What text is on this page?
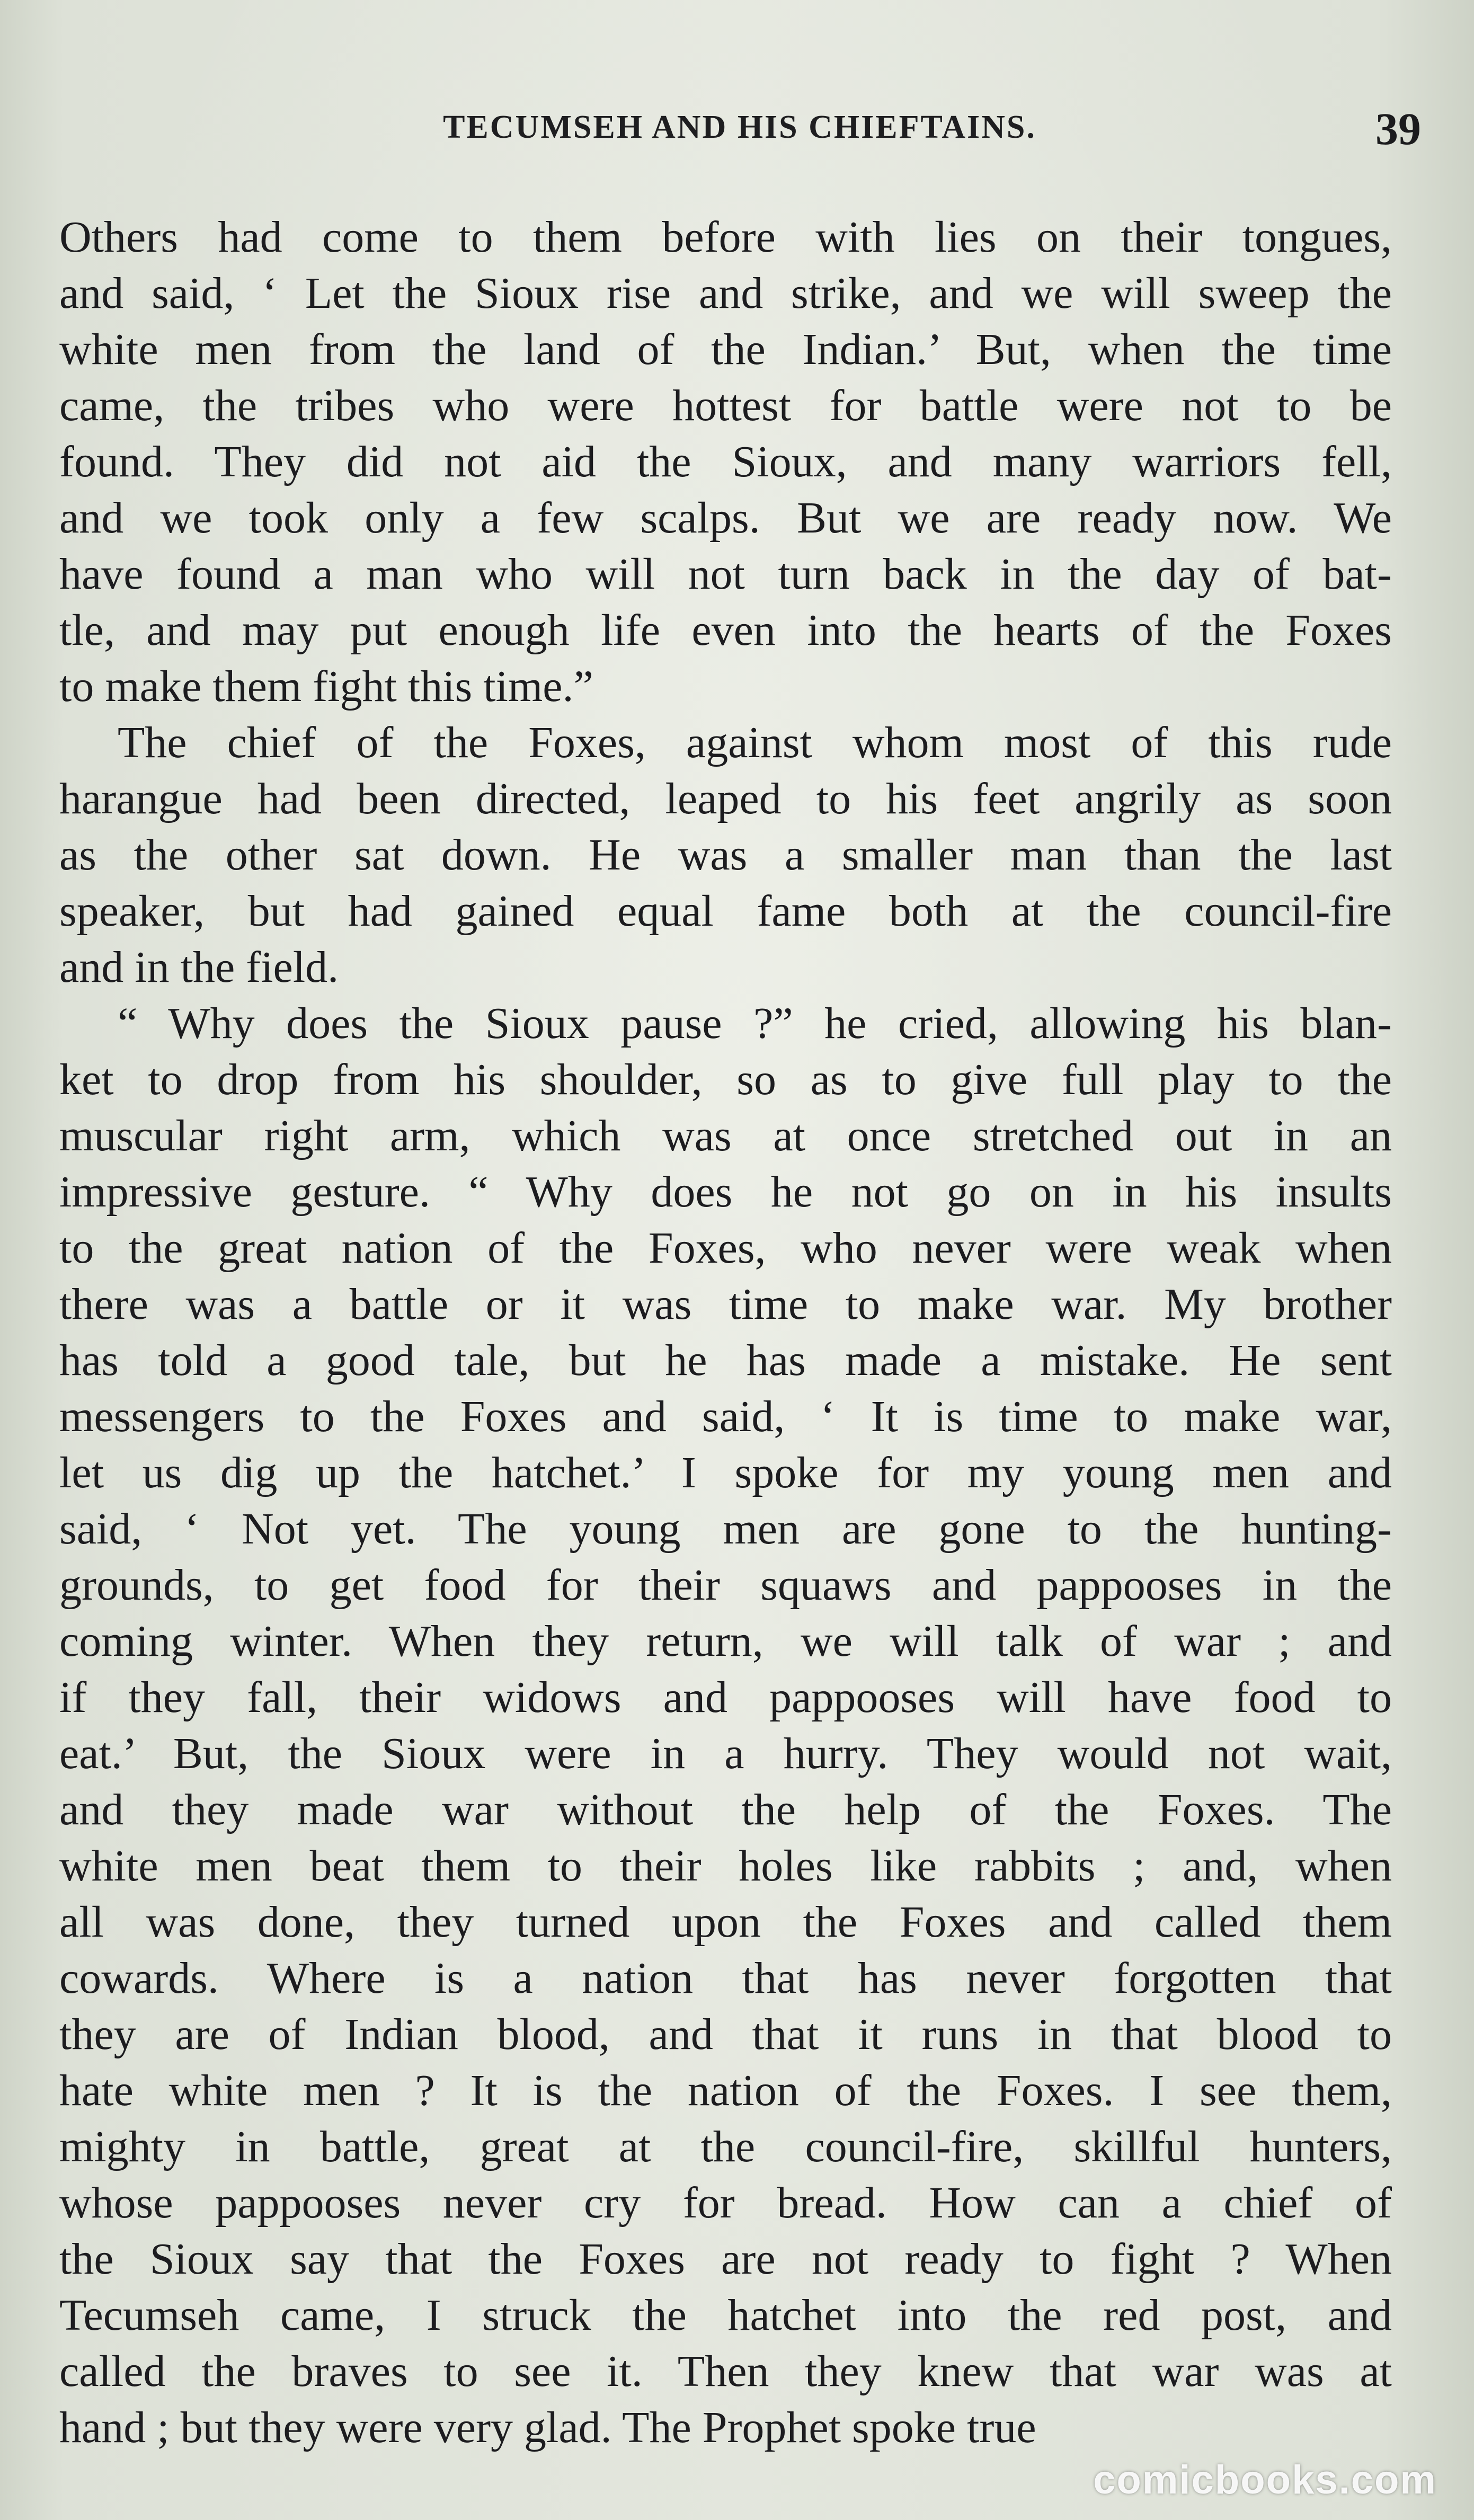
TECUMSEH AND HIS CHIEFTAINS.	39

Others had come to them before with lies on their tongues,
and said, ‘ Let the Sioux rise and strike, and we will sweep the
white men from the land of the Indian.’ But, when the time
came, the tribes who were hottest for battle were not to be
found. They did not aid the Sioux, and many warriors fell,
and we took only a few scalps. But we are ready now. We
have found a man who will not turn back in the day of bat-
tle, and may put enough life even into the hearts of the Foxes
to make them fight this time.”

The chief of the Foxes, against whom most of this rude
harangue had been directed, leaped to his feet angrily as soon
as the other sat down. He was a smaller man than the last
speaker, but had gained equal fame both at the council-fire
and in the field.

“ Why does the Sioux pause ?” he cried, allowing his blan-
ket to drop from his shoulder, so as to give full play to the
muscular right arm, which was at once stretched out in an
impressive gesture. “ Why does he not go on in his insults
to the great nation of the Foxes, who never were weak when
there was a battle or it was time to make war. My brother
has told a good tale, but he has made a mistake. He sent
messengers to the Foxes and said, ‘ It is time to make war,
let us dig up the hatchet.’ I spoke for my young men and
said, ‘ Not yet. The young men are gone to the hunting-
grounds, to get food for their squaws and pappooses in the
coming winter. When they return, we will talk of war ; and
if they fall, their widows and pappooses will have food to
eat.’ But, the Sioux were in a hurry. They would not wait,
and they made war without the help of the Foxes. The
white men beat them to their holes like rabbits ; and, when
all was done, they turned upon the Foxes and called them
cowards. Where is a nation that has never forgotten that
they are of Indian blood, and that it runs in that blood to
hate white men ? It is the nation of the Foxes. I see them,
mighty in battle, great at the council-fire, skillful hunters,
whose pappooses never cry for bread. How can a chief of
the Sioux say that the Foxes are not ready to fight ? When
Tecumseh came, I struck the hatchet into the red post, and
called the braves to see it. Then they knew that war was at
hand ; but they were very glad. The Prophet spoke true

comicbooks.com
